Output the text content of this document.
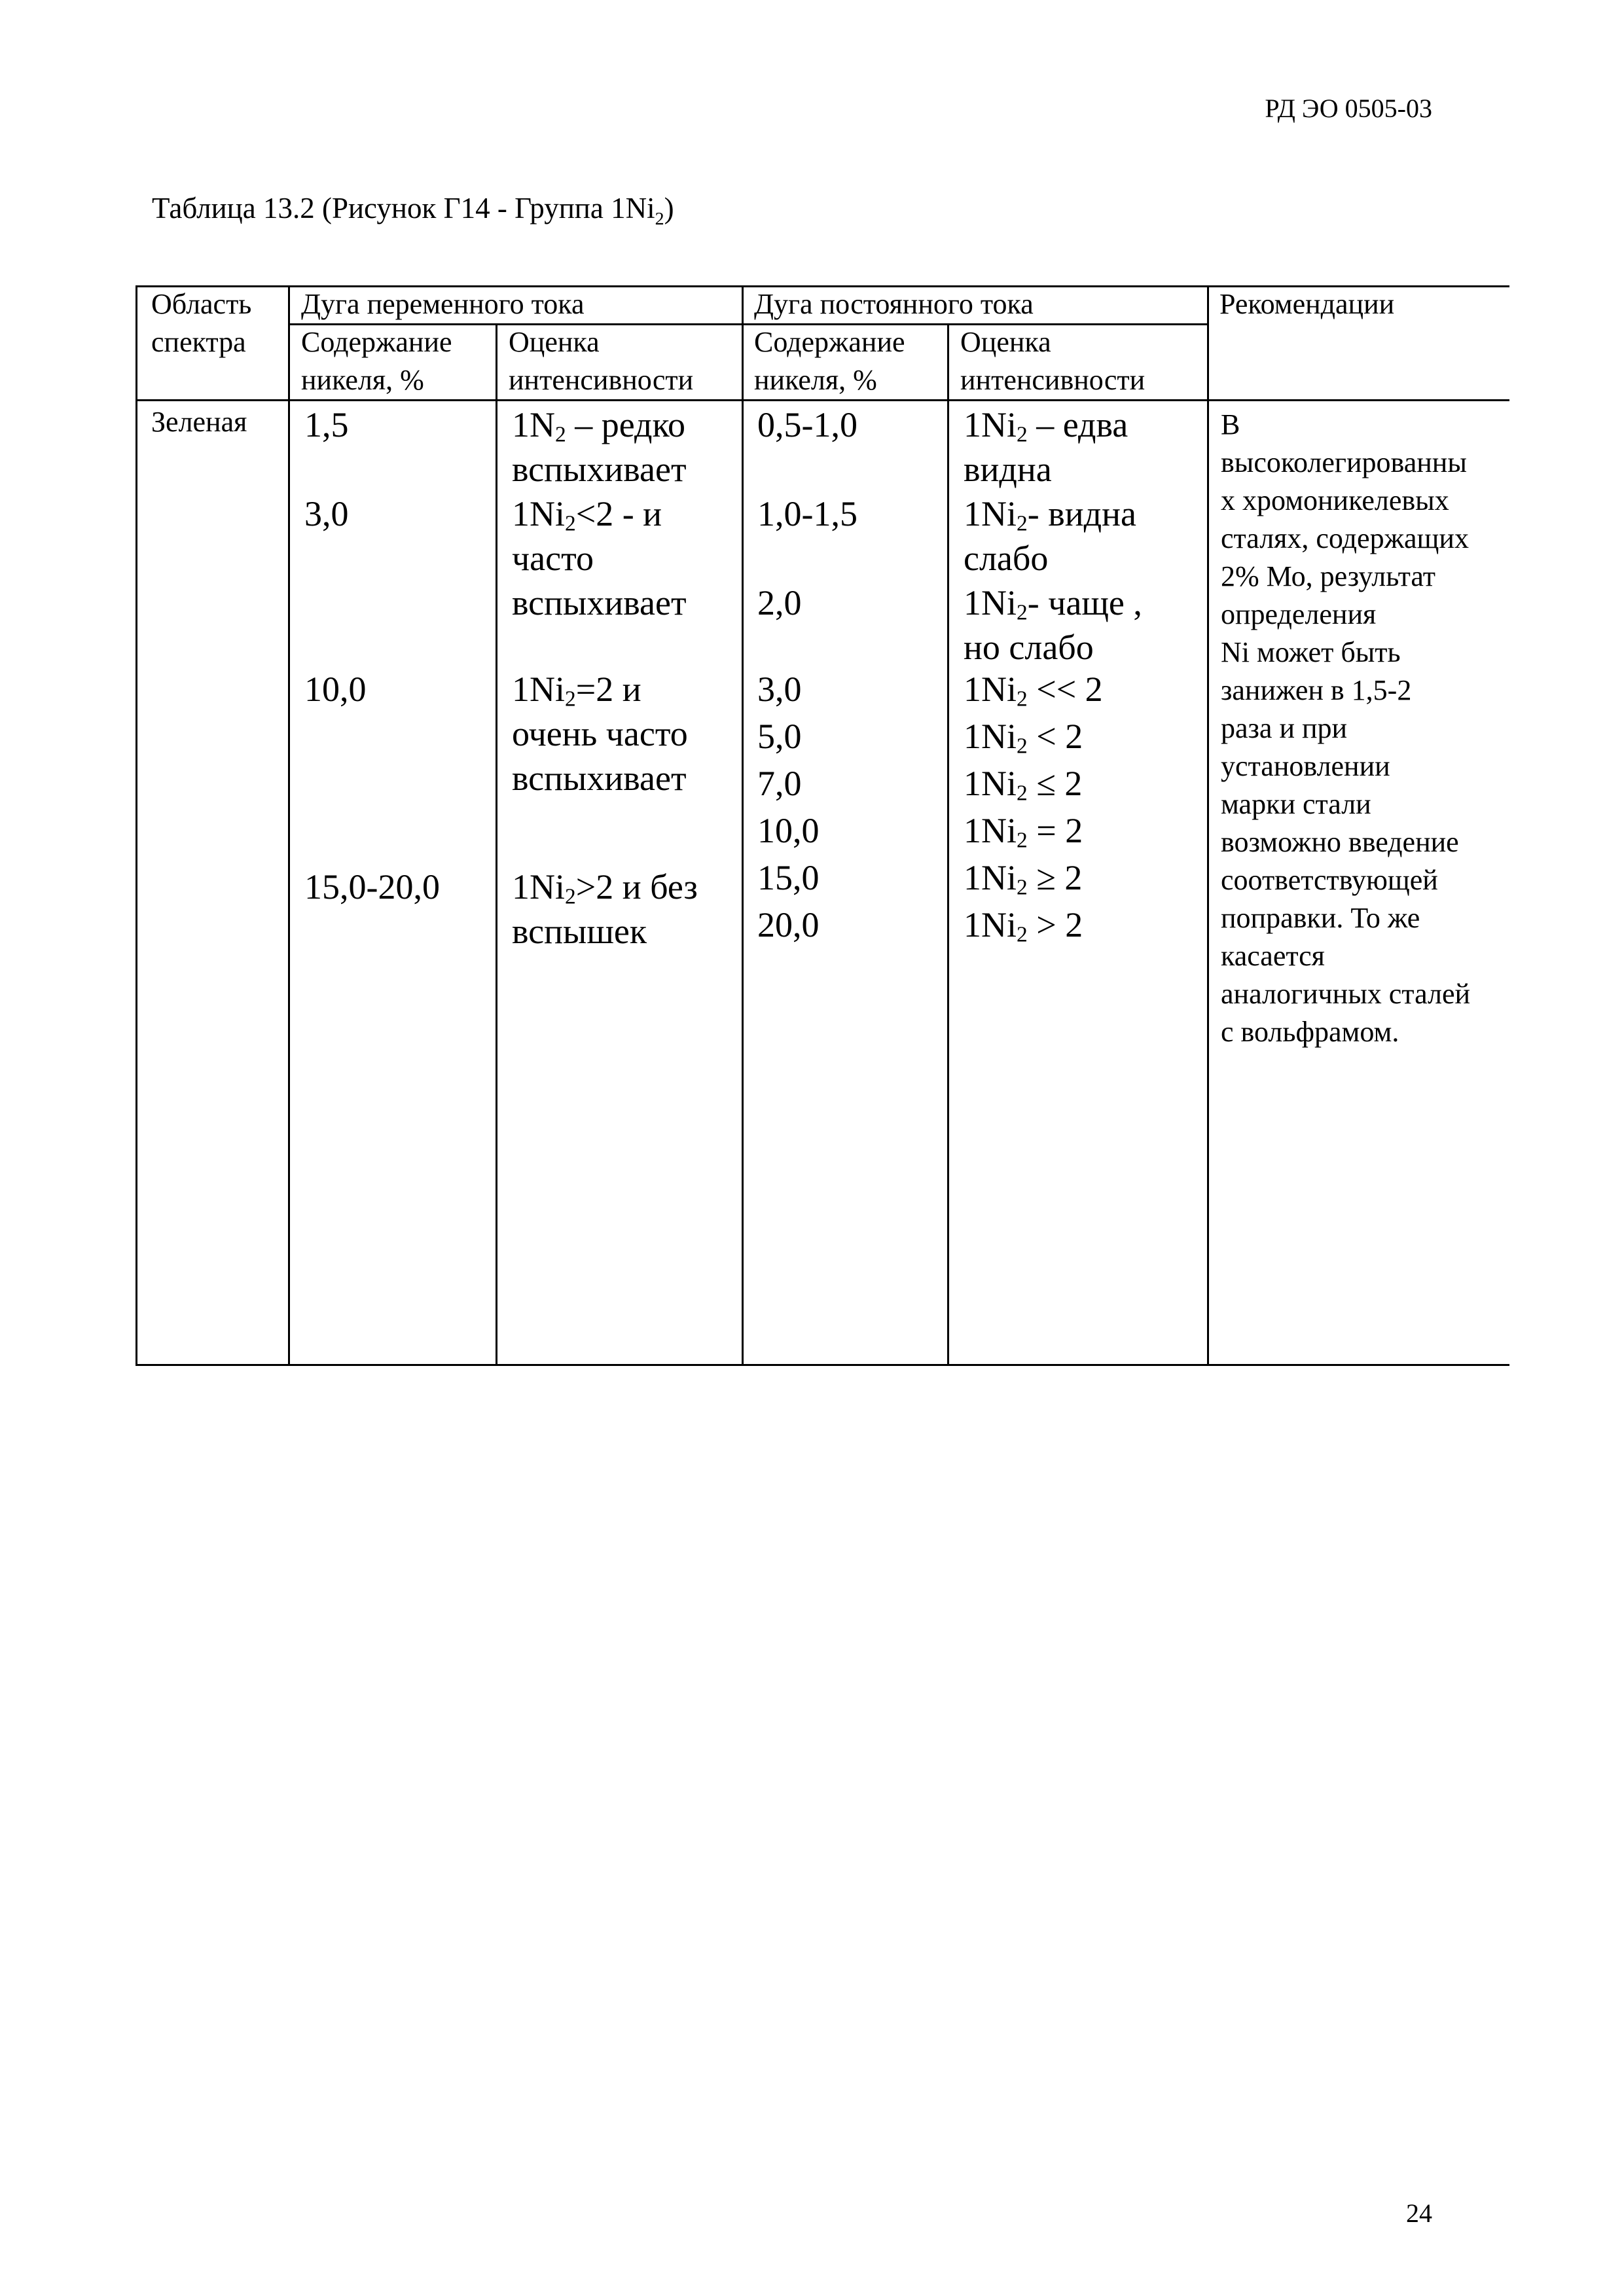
РД ЭО 0505-03
Таблица 13.2 (Рисунок Г14 - Группа $1Ni_2$)
Область
спектра
Дуга переменного тока	Дуга постоянного тока	Рекомендации
Содержание
никеля, %
Оценка
интенсивности
Содержание
никеля, %
Оценка
интенсивности
Зеленая 1,5
3,0
10,0
15,0-20,0
$1N_2$ – редко
вспыхивает
$1Ni_2<2 - и$
часто
вспыхивает
$1Ni_2=2$ и
очень часто
вспыхивает
$1Ni_2>2$ и без
вспышек
0,5-1,0
1,0-1,5
2,0
3,0
5,0
7,0
10,0
15,0
20,0
$1Ni_2$ – едва
видна
$1Ni_2-$ видна
слабо
$1Ni_2-$ чаще ,
но слабо
$1Ni_2 << 2$
$1Ni_2 < 2$
$1Ni_2 \le 2$
$1Ni_2 = 2$
$1Ni_2 \ge 2$
$1Ni_2 > 2$
В
высоколегированны
х хромоникелевых
сталях, содержащих
2% Мо, результат
определения
Ni может быть
занижен в 1,5-2
раза и при
установлении
марки стали
возможно введение
соответствующей
поправки. То же
касается
аналогичных сталей
с вольфрамом.
24
